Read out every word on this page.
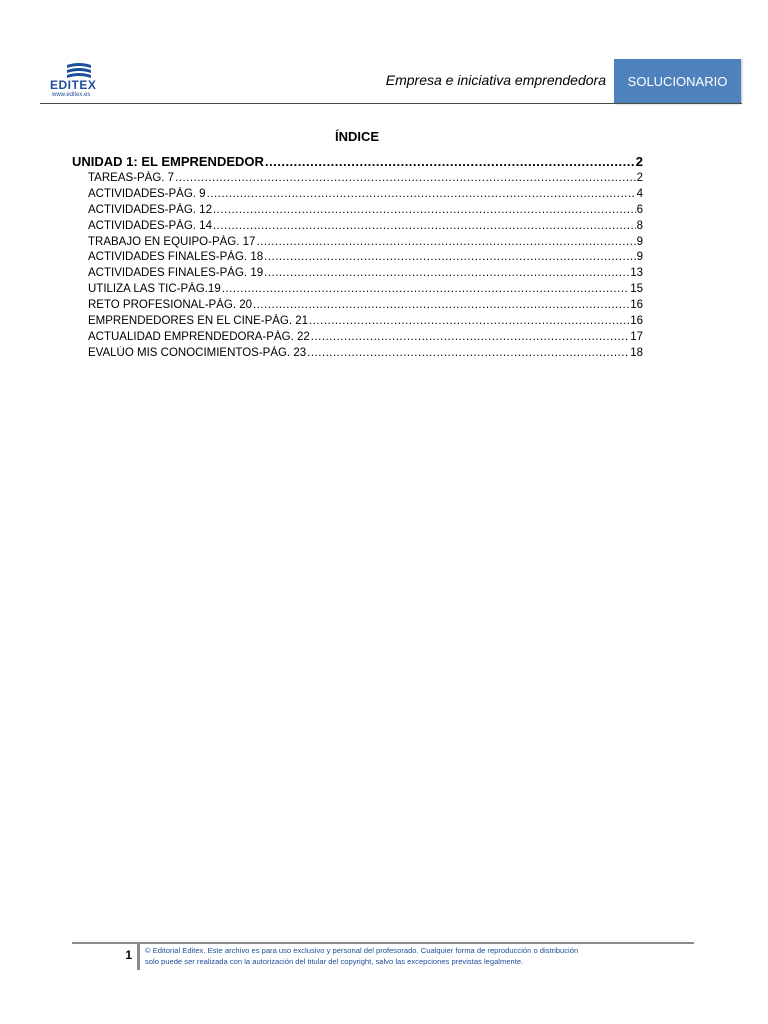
EDITEX
www.editex.es
Empresa e iniciativa emprendedora	SOLUCIONARIO
ÍNDICE
UNIDAD 1: EL EMPRENDEDOR .....	2
TAREAS-PÁG. 7 .....	2
ACTIVIDADES-PÁG. 9 .....	4
ACTIVIDADES-PÁG. 12 .....	6
ACTIVIDADES-PÁG. 14 .....	8
TRABAJO EN EQUIPO-PÁG. 17 .....	9
ACTIVIDADES FINALES-PÁG. 18 .....	9
ACTIVIDADES FINALES-PÁG. 19 .....	13
UTILIZA LAS TIC-PÁG.19 .....	15
RETO PROFESIONAL-PÁG. 20 .....	16
EMPRENDEDORES EN EL CINE-PÁG. 21 .....	16
ACTUALIDAD EMPRENDEDORA-PÁG. 22 .....	17
EVALÚO MIS CONOCIMIENTOS-PÁG. 23 .....	18
1 © Editorial Editex. Este archivo es para uso exclusivo y personal del profesorado. Cualquier forma de reproducción o distribución
solo puede ser realizada con la autorización del titular del copyright, salvo las excepciones previstas legalmente.
